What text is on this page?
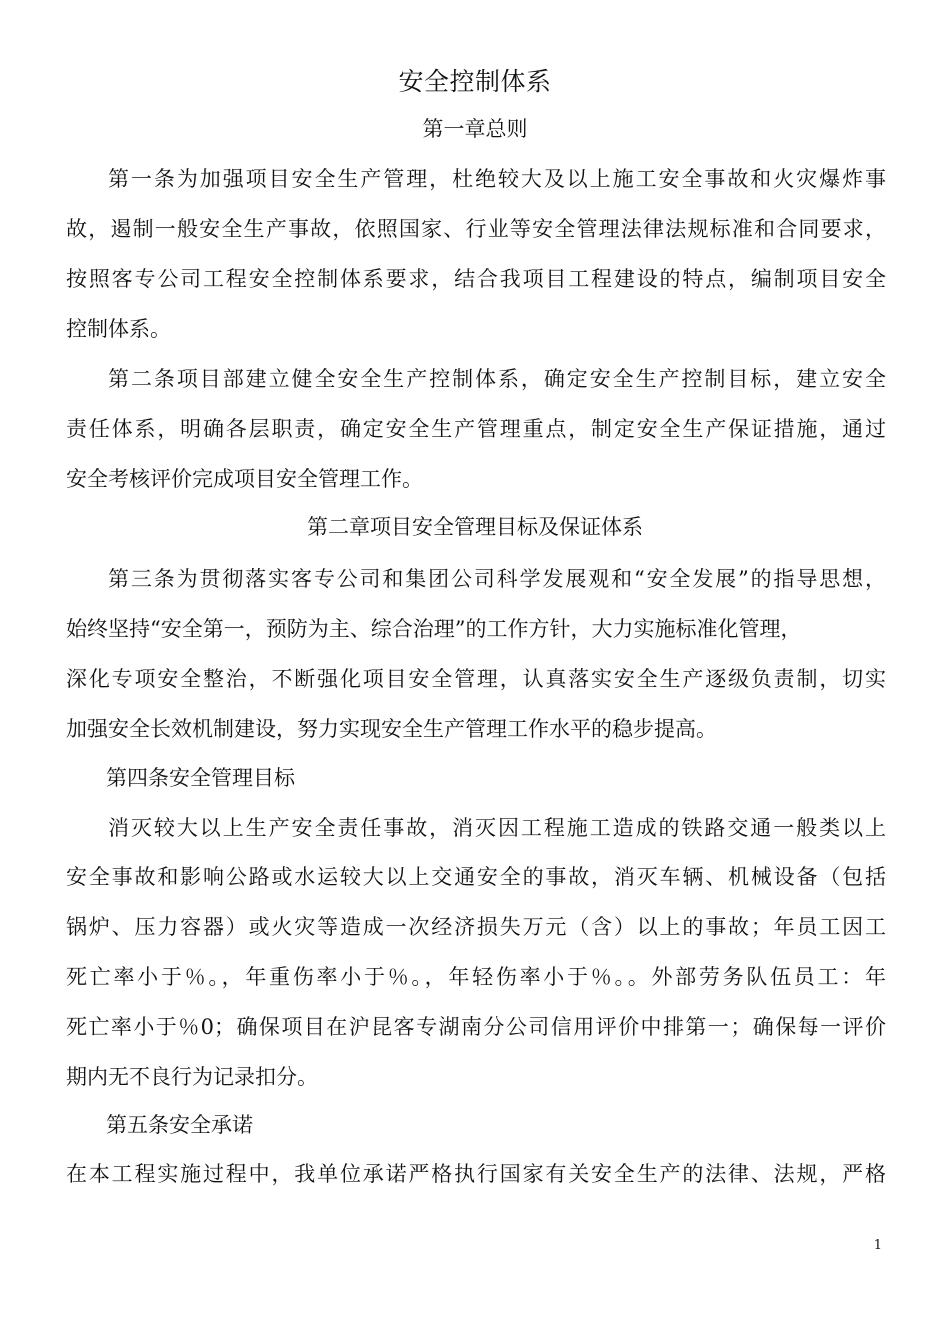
安全控制体系
第一章总则
第一条为加强项目安全生产管理，杜绝较大及以上施工安全事故和火灾爆炸事
故，遏制一般安全生产事故，依照国家、行业等安全管理法律法规标准和合同要求，
按照客专公司工程安全控制体系要求，结合我项目工程建设的特点，编制项目安全
控制体系。
第二条项目部建立健全安全生产控制体系，确定安全生产控制目标，建立安全
责任体系，明确各层职责，确定安全生产管理重点，制定安全生产保证措施，通过
安全考核评价完成项目安全管理工作。
第二章项目安全管理目标及保证体系
第三条为贯彻落实客专公司和集团公司科学发展观和“安全发展”的指导思想，
始终坚持“安全第一，预防为主、综合治理”的工作方针，大力实施标准化管理，
深化专项安全整治，不断强化项目安全管理，认真落实安全生产逐级负责制，切实
加强安全长效机制建设，努力实现安全生产管理工作水平的稳步提高。
第四条安全管理目标
消灭较大以上生产安全责任事故，消灭因工程施工造成的铁路交通一般类以上
安全事故和影响公路或水运较大以上交通安全的事故，消灭车辆、机械设备（包括
锅炉、压力容器）或火灾等造成一次经济损失万元（含）以上的事故；年员工因工
死亡率小于％。，年重伤率小于％。，年轻伤率小于％。。外部劳务队伍员工：年
死亡率小于％0；确保项目在沪昆客专湖南分公司信用评价中排第一；确保每一评价
期内无不良行为记录扣分。
第五条安全承诺
在本工程实施过程中，我单位承诺严格执行国家有关安全生产的法律、法规，严格
1
